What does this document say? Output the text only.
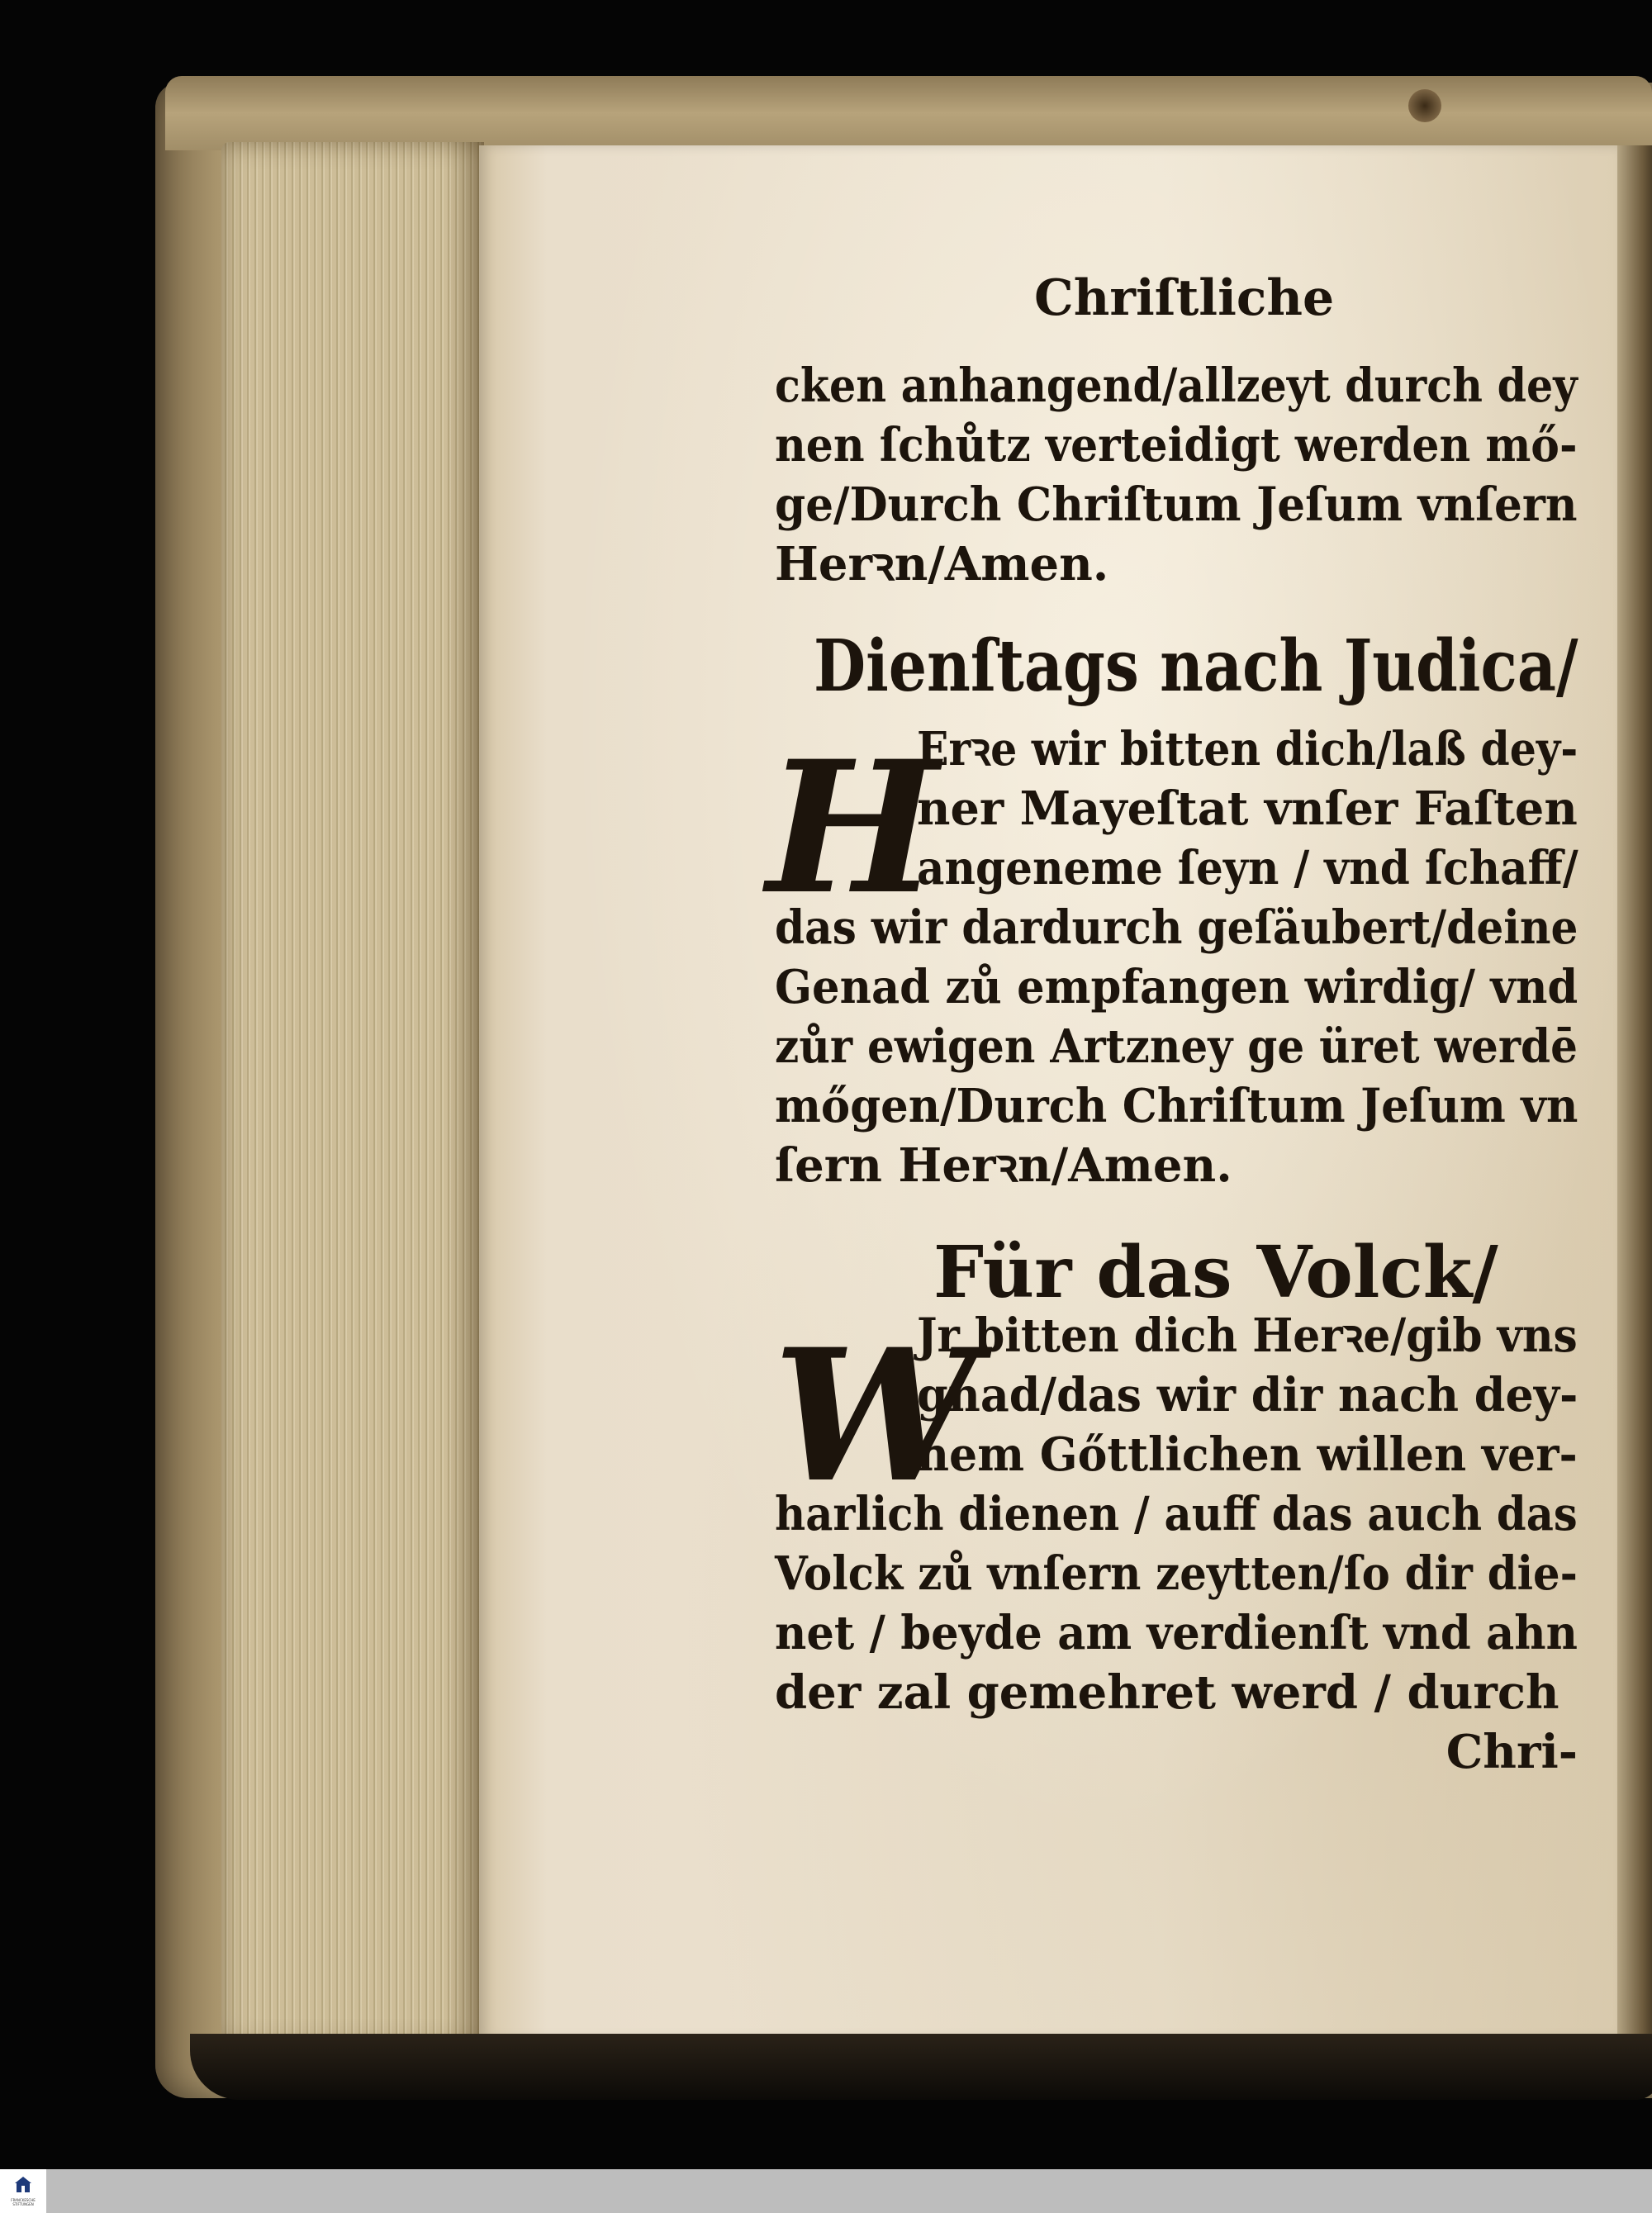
Chriſtliche
cken anhangend/allzeyt durch dey
nen ſchůtz verteidigt werden mő-
ge/Durch Chriſtum Jeſum vnſern
Herꝛn/Amen.
Dienſtags nach Judica/
H
Erꝛe wir bitten dich/laß dey-
ner Mayeſtat vnſer Faſten
angeneme ſeyn / vnd ſchaff/
das wir dardurch geſäubert/deine
Genad zů empfangen wirdig/ vnd
zůr ewigen Artzney ge üret werdē
mőgen/Durch Chriſtum Jeſum vn
ſern Herꝛn/Amen.
Für das Volck/
W
Jr bitten dich Herꝛe/gib vns
gnad/das wir dir nach dey-
nem Gőttlichen willen ver-
harlich dienen / auff das auch das
Volck zů vnſern zeytten/ſo dir die-
net / beyde am verdienſt vnd ahn
der zal gemehret werd / durch
Chri-
FRANCKESCHE STIFTUNGEN
